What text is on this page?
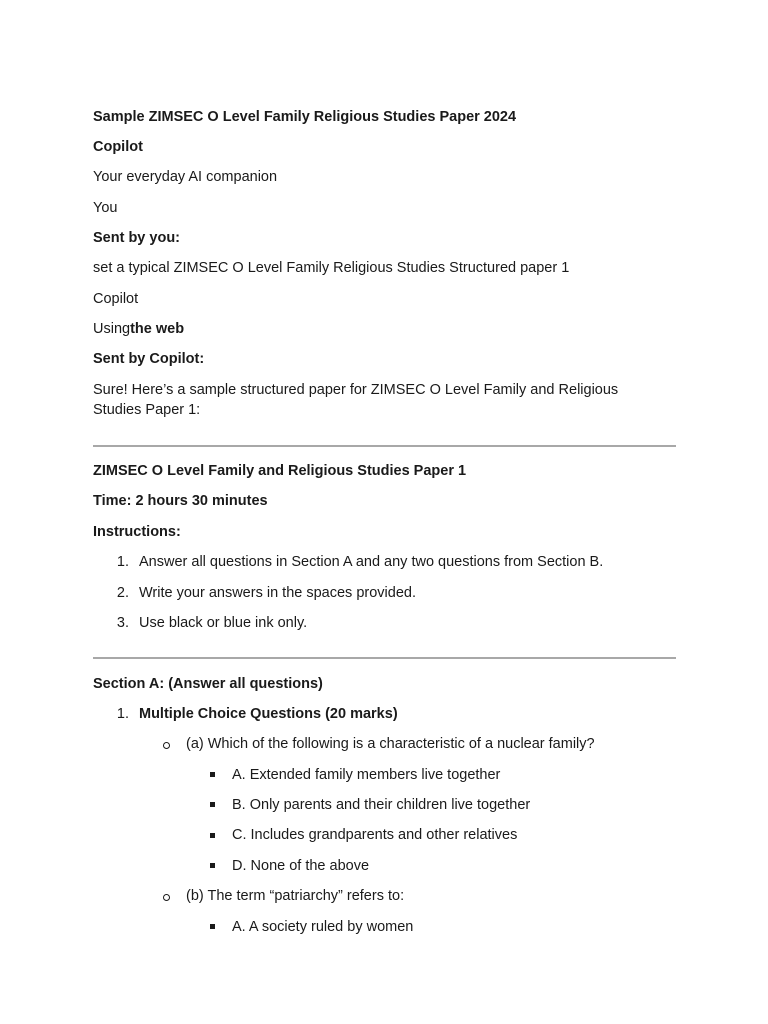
Sample ZIMSEC O Level Family Religious Studies Paper 2024
Copilot
Your everyday AI companion
You
Sent by you:
set a typical ZIMSEC O Level Family Religious Studies Structured paper 1
Copilot
Usingthe web
Sent by Copilot:
Sure! Here’s a sample structured paper for ZIMSEC O Level Family and Religious Studies Paper 1:
ZIMSEC O Level Family and Religious Studies Paper 1
Time: 2 hours 30 minutes
Instructions:
1. Answer all questions in Section A and any two questions from Section B.
2. Write your answers in the spaces provided.
3. Use black or blue ink only.
Section A: (Answer all questions)
1. Multiple Choice Questions (20 marks)
(a) Which of the following is a characteristic of a nuclear family?
A. Extended family members live together
B. Only parents and their children live together
C. Includes grandparents and other relatives
D. None of the above
(b) The term “patriarchy” refers to:
A. A society ruled by women
